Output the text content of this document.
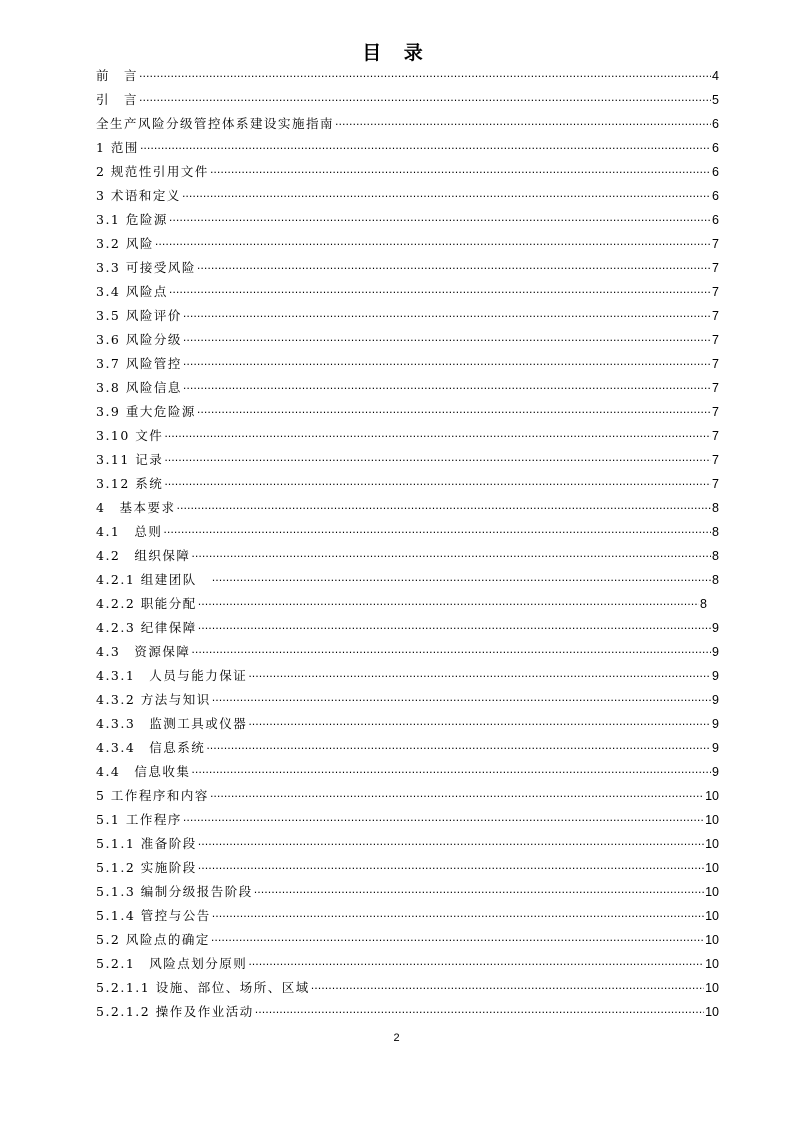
目 录
前　言 ·····	4
引　言 ·····	5
全生产风险分级管控体系建设实施指南 ·····	6
1 范围 ·····	6
2 规范性引用文件 ·····	6
3 术语和定义 ·····	6
3.1 危险源 ·····	6
3.2 风险 ·····	7
3.3 可接受风险 ·····	7
3.4 风险点 ·····	7
3.5 风险评价 ·····	7
3.6 风险分级 ·····	7
3.7 风险管控 ·····	7
3.8 风险信息 ·····	7
3.9 重大危险源 ·····	7
3.10 文件 ·····	7
3.11 记录 ·····	7
3.12 系统 ·····	7
4　基本要求 ·····	8
4.1　总则 ·····	8
4.2　组织保障 ·····	8
4.2.1 组建团队　 ·····	8
4.2.2 职能分配 ·····	8
4.2.3 纪律保障 ·····	9
4.3　资源保障 ·····	9
4.3.1　人员与能力保证 ·····	9
4.3.2 方法与知识 ·····	9
4.3.3　监测工具或仪器 ·····	9
4.3.4　信息系统 ·····	9
4.4　信息收集 ·····	9
5 工作程序和内容 ·····	10
5.1 工作程序 ·····	10
5.1.1 准备阶段 ·····	10
5.1.2 实施阶段 ·····	10
5.1.3 编制分级报告阶段 ·····	10
5.1.4 管控与公告 ·····	10
5.2 风险点的确定 ·····	10
5.2.1　风险点划分原则 ·····	10
5.2.1.1 设施、部位、场所、区域 ·····	10
5.2.1.2 操作及作业活动 ·····	10
2
